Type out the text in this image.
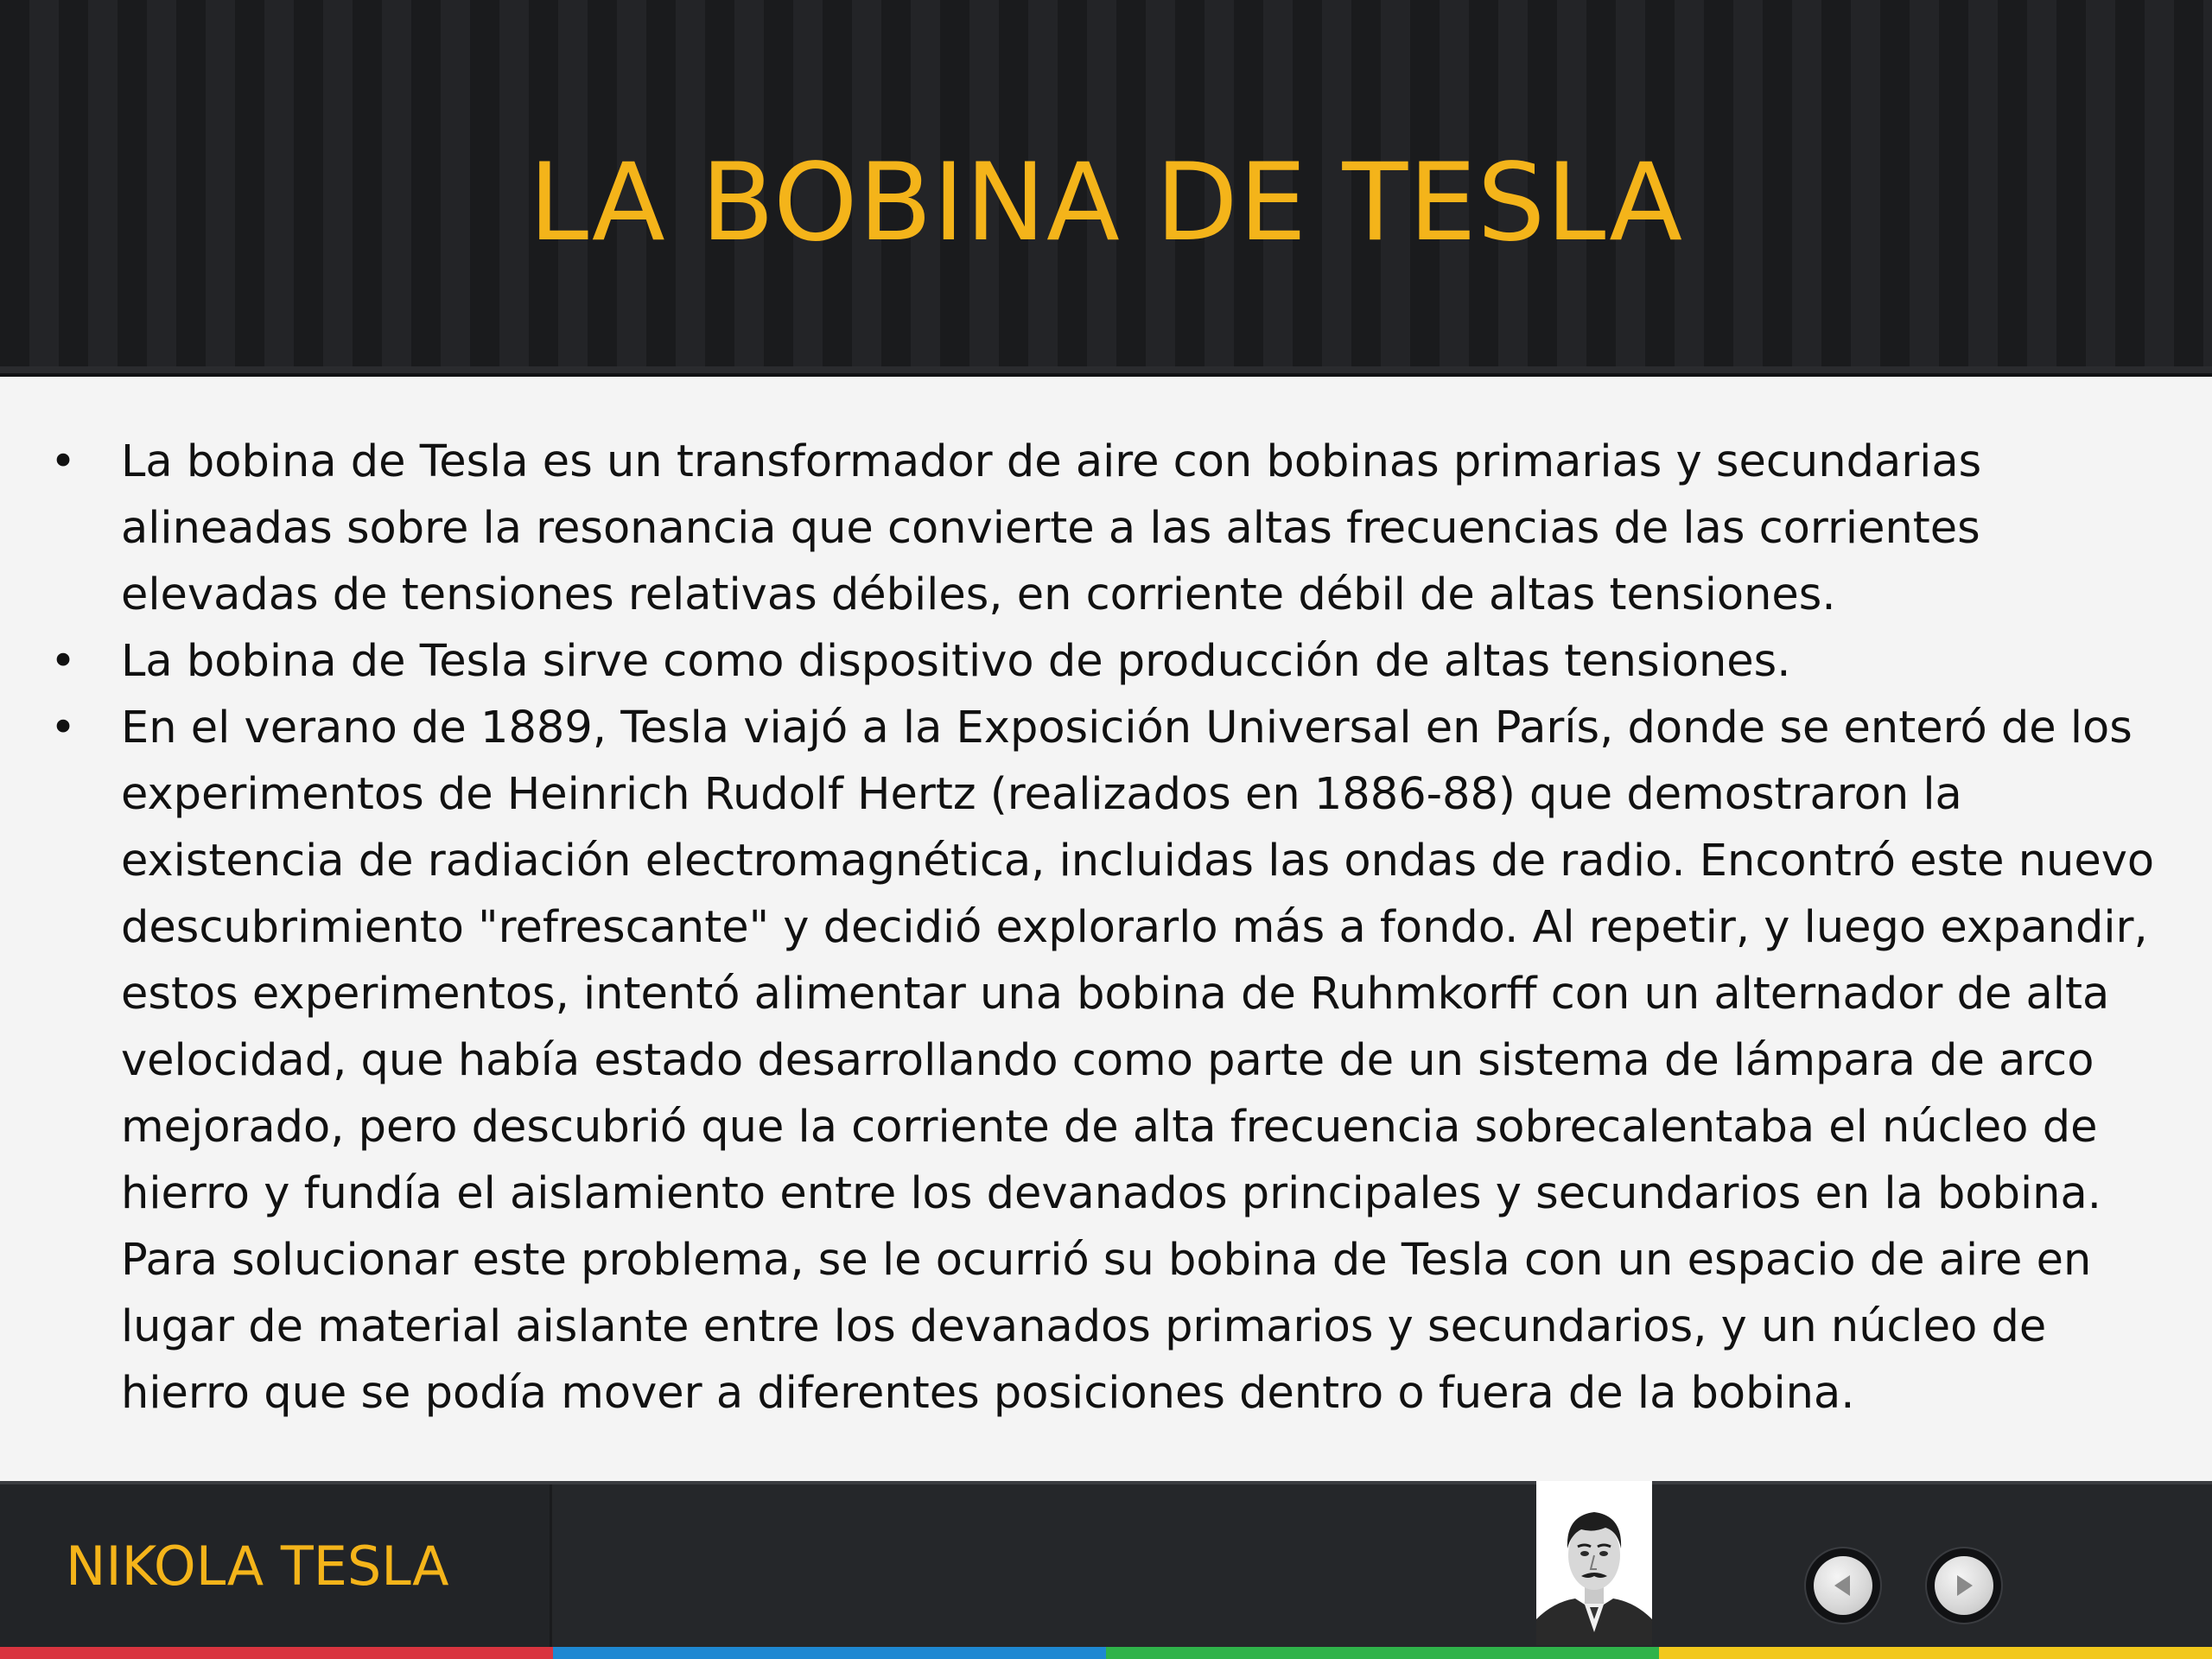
LA BOBINA DE TESLA
• La bobina de Tesla es un transformador de aire con bobinas primarias y secundarias alineadas sobre la resonancia que convierte a las altas frecuencias de las corrientes elevadas de tensiones relativas débiles, en corriente débil de altas tensiones.
• La bobina de Tesla sirve como dispositivo de producción de altas tensiones.
• En el verano de 1889, Tesla viajó a la Exposición Universal en París, donde se enteró de los experimentos de Heinrich Rudolf Hertz (realizados en 1886-88) que demostraron la existencia de radiación electromagnética, incluidas las ondas de radio. Encontró este nuevo descubrimiento "refrescante" y decidió explorarlo más a fondo. Al repetir, y luego expandir, estos experimentos, intentó alimentar una bobina de Ruhmkorff con un alternador de alta velocidad, que había estado desarrollando como parte de un sistema de lámpara de arco mejorado, pero descubrió que la corriente de alta frecuencia sobrecalentaba el núcleo de hierro y fundía el aislamiento entre los devanados principales y secundarios en la bobina. Para solucionar este problema, se le ocurrió su bobina de Tesla con un espacio de aire en lugar de material aislante entre los devanados primarios y secundarios, y un núcleo de hierro que se podía mover a diferentes posiciones dentro o fuera de la bobina.
NIKOLA TESLA
